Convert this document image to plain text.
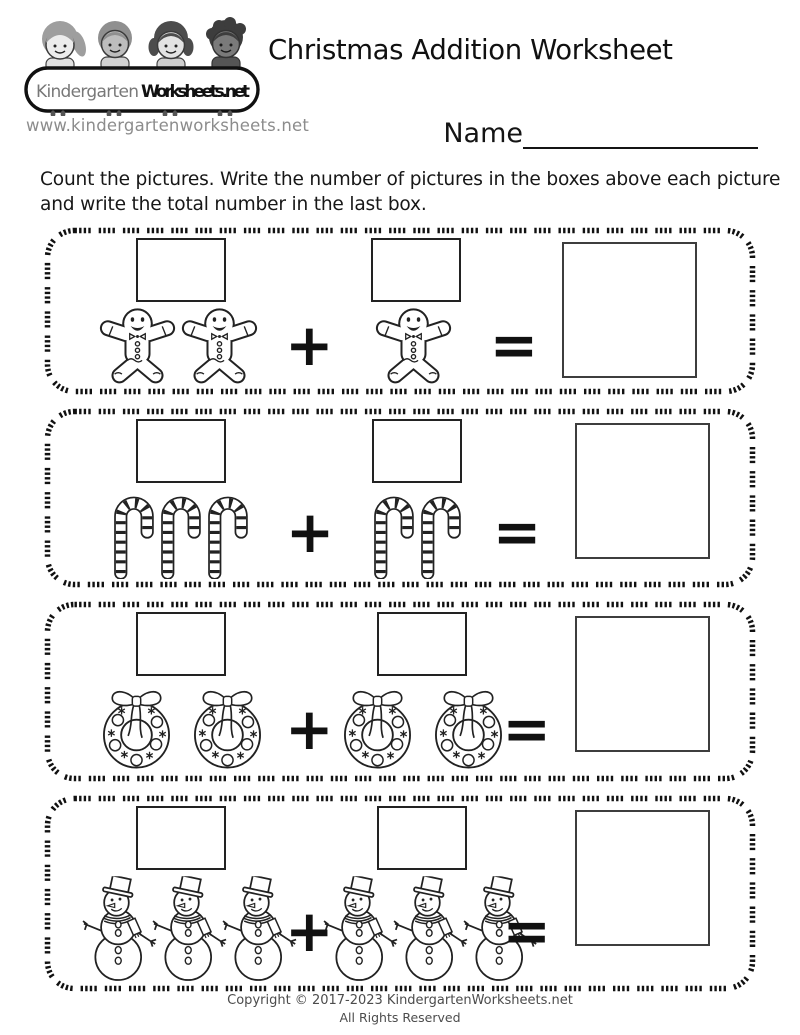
Kindergarten Worksheets.net
www.kindergartenworksheets.net
Christmas Addition Worksheet
Name
Count the pictures. Write the number of pictures in the boxes above each picture and write the total number in the last box.
+	=
+	=
+	=
+	=
Copyright © 2017-2023 KindergartenWorksheets.net
All Rights Reserved
